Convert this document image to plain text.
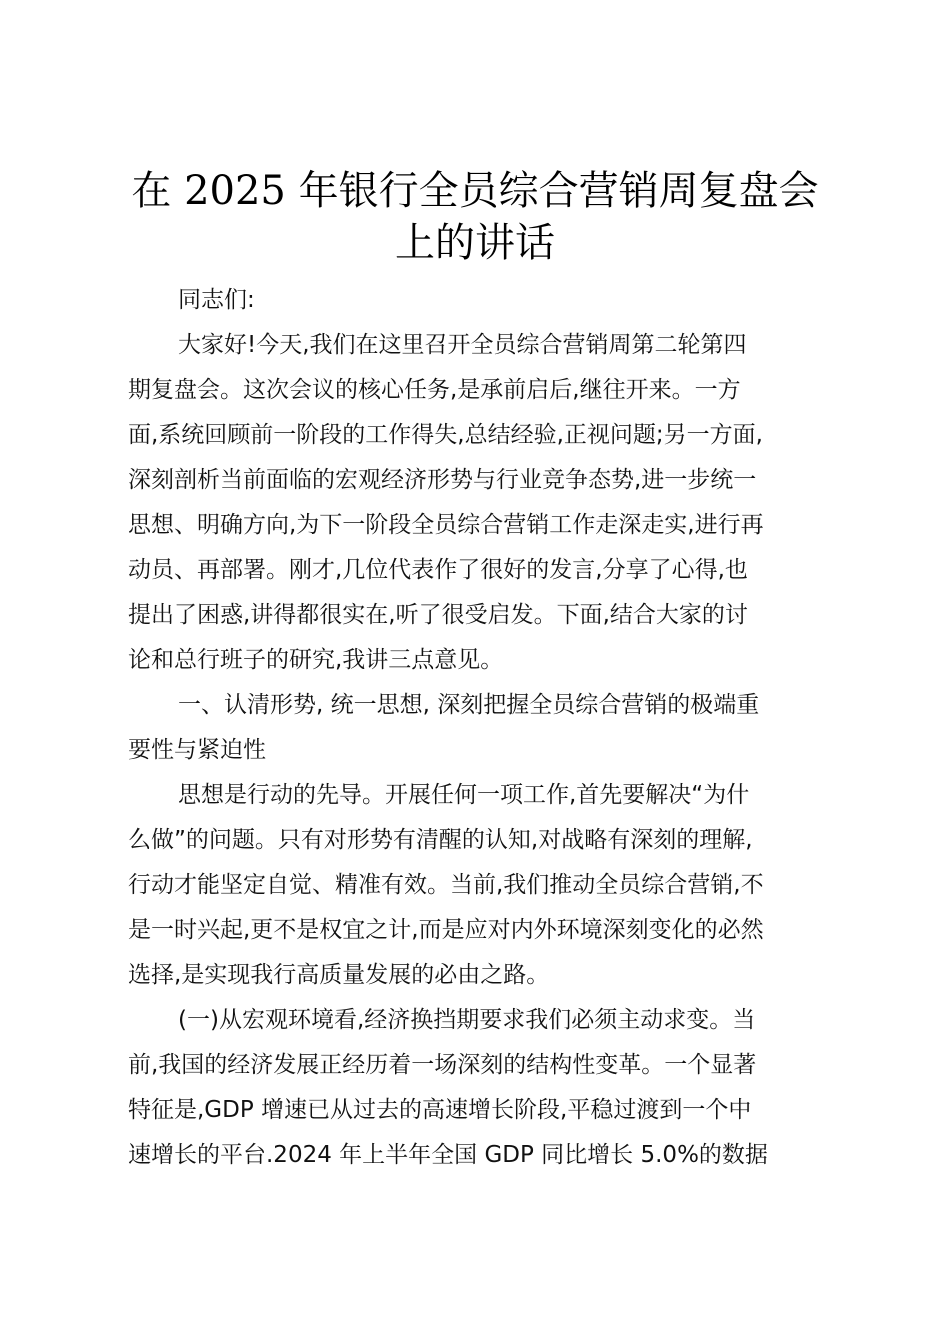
在 2025 年银行全员综合营销周复盘会
上的讲话
同志们:
大家好!今天,我们在这里召开全员综合营销周第二轮第四
期复盘会。这次会议的核心任务,是承前启后,继往开来。一方
面,系统回顾前一阶段的工作得失,总结经验,正视问题;另一方面,
深刻剖析当前面临的宏观经济形势与行业竞争态势,进一步统一
思想、明确方向,为下一阶段全员综合营销工作走深走实,进行再
动员、再部署。刚才,几位代表作了很好的发言,分享了心得,也
提出了困惑,讲得都很实在,听了很受启发。下面,结合大家的讨
论和总行班子的研究,我讲三点意见。
一、认清形势, 统一思想, 深刻把握全员综合营销的极端重
要性与紧迫性
思想是行动的先导。开展任何一项工作,首先要解决“为什
么做”的问题。只有对形势有清醒的认知,对战略有深刻的理解,
行动才能坚定自觉、精准有效。当前,我们推动全员综合营销,不
是一时兴起,更不是权宜之计,而是应对内外环境深刻变化的必然
选择,是实现我行高质量发展的必由之路。
(一)从宏观环境看,经济换挡期要求我们必须主动求变。当
前,我国的经济发展正经历着一场深刻的结构性变革。一个显著
特征是,GDP 增速已从过去的高速增长阶段,平稳过渡到一个中
速增长的平台.2024 年上半年全国 GDP 同比增长 5.0%的数据
